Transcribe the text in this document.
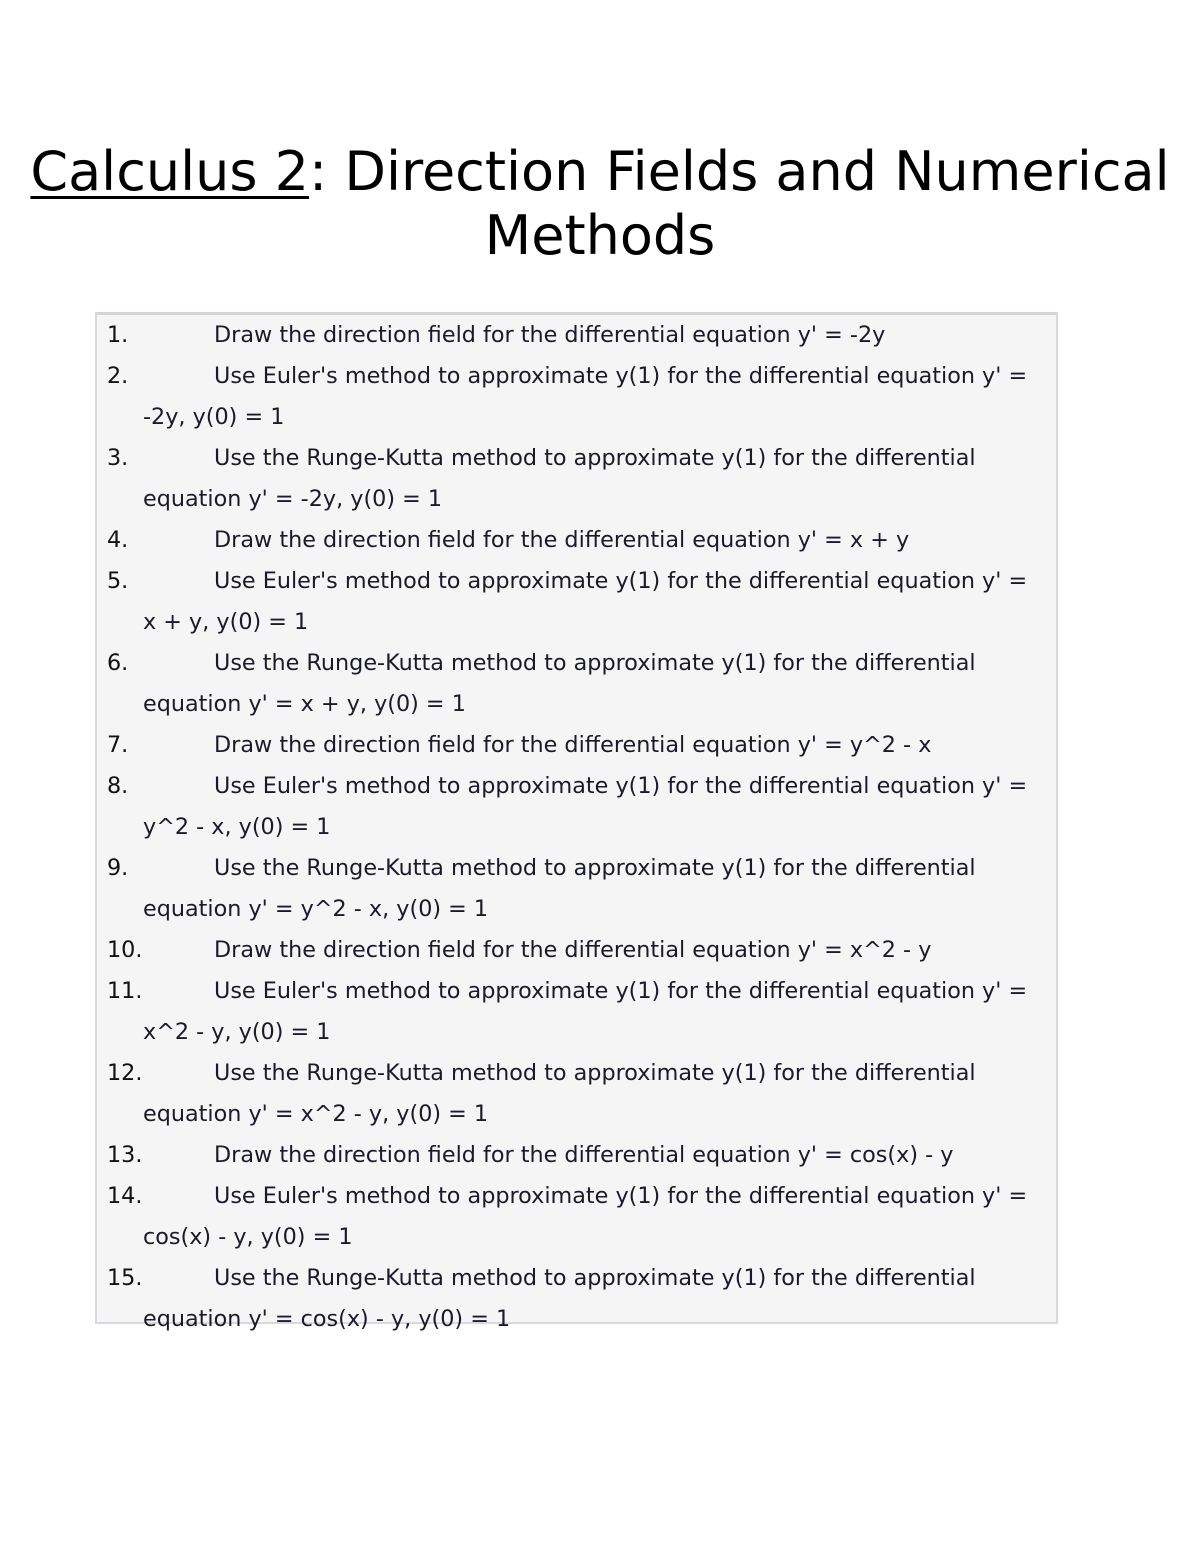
Calculus 2: Direction Fields and Numerical Methods
1.	Draw the direction field for the differential equation y' = -2y
2.	Use Euler's method to approximate y(1) for the differential equation y' = -2y, y(0) = 1
3.	Use the Runge-Kutta method to approximate y(1) for the differential equation y' = -2y, y(0) = 1
4.	Draw the direction field for the differential equation y' = x + y
5.	Use Euler's method to approximate y(1) for the differential equation y' = x + y, y(0) = 1
6.	Use the Runge-Kutta method to approximate y(1) for the differential equation y' = x + y, y(0) = 1
7.	Draw the direction field for the differential equation y' = y^2 - x
8.	Use Euler's method to approximate y(1) for the differential equation y' = y^2 - x, y(0) = 1
9.	Use the Runge-Kutta method to approximate y(1) for the differential equation y' = y^2 - x, y(0) = 1
10.	Draw the direction field for the differential equation y' = x^2 - y
11.	Use Euler's method to approximate y(1) for the differential equation y' = x^2 - y, y(0) = 1
12.	Use the Runge-Kutta method to approximate y(1) for the differential equation y' = x^2 - y, y(0) = 1
13.	Draw the direction field for the differential equation y' = cos(x) - y
14.	Use Euler's method to approximate y(1) for the differential equation y' = cos(x) - y, y(0) = 1
15.	Use the Runge-Kutta method to approximate y(1) for the differential equation y' = cos(x) - y, y(0) = 1
